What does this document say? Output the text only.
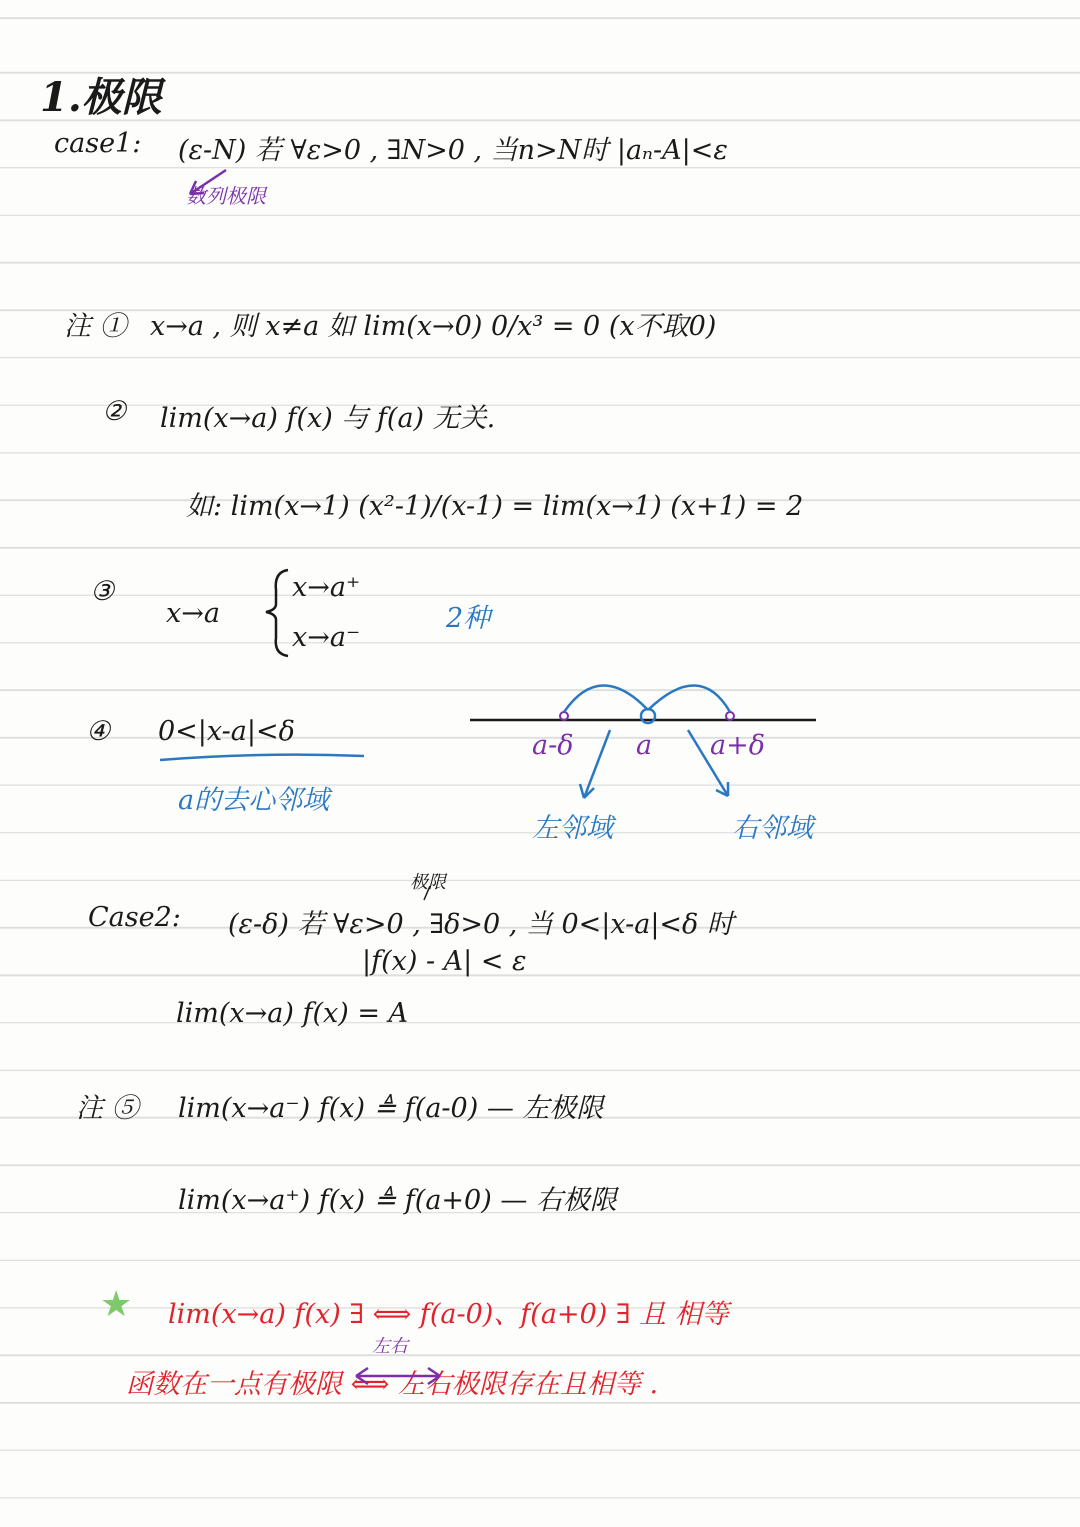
1.极限
case1: (ε-N) 若 ∀ε>0 , ∃N>0 , 当n>N时 |aₙ-A|<ε
数列极限
注 ① x→a , 则 x≠a 如 lim(x→0) 0/x³ = 0 (x不取0)
② lim(x→a) f(x) 与 f(a) 无关.
如: lim(x→1) (x²-1)/(x-1) = lim(x→1) (x+1) = 2
③
x→a
x→a⁺
x→a⁻
2种
④ 0<|x-a|<δ
a的去心邻域
a-δ a a+δ
左邻域	右邻域
极限
Case2: (ε-δ) 若 ∀ε>0 , ∃δ>0 , 当 0<|x-a|<δ 时
|f(x) - A| < ε
lim(x→a) f(x) = A
注 ⑤ lim(x→a⁻) f(x) ≜ f(a-0) — 左极限
lim(x→a⁺) f(x) ≜ f(a+0) — 右极限
★ lim(x→a) f(x) ∃ ⟺ f(a-0)、f(a+0) ∃ 且 相等
左右
函数在一点有极限 ⟺ 左右极限存在且相等 .
